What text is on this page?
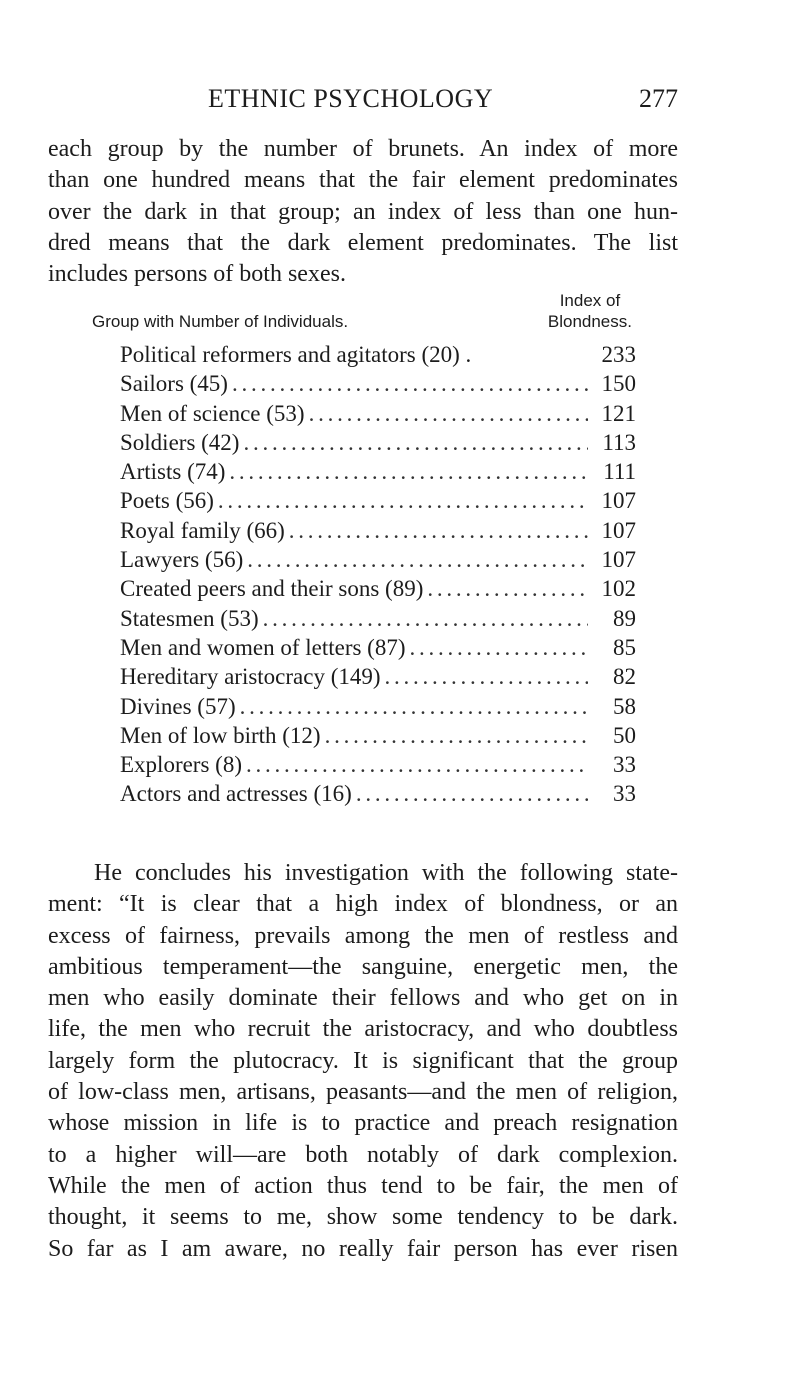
ETHNIC PSYCHOLOGY	277
each group by the number of brunets. An index of more
than one hundred means that the fair element predominates
over the dark in that group; an index of less than one hun-
dred means that the dark element predominates. The list
includes persons of both sexes.
Group with Number of Individuals.
Index of
Blondness.
Political reformers and agitators (20) .	233
Sailors (45) . . .	150
Men of science (53) . . .	121
Soldiers (42) . . .	113
Artists (74) . . .	111
Poets (56) . . .	107
Royal family (66) . . .	107
Lawyers (56) . . .	107
Created peers and their sons (89) . . .	102
Statesmen (53) . . .	89
Men and women of letters (87) . . .	85
Hereditary aristocracy (149) . . .	82
Divines (57) . . .	58
Men of low birth (12) . . .	50
Explorers (8) . . .	33
Actors and actresses (16) . . .	33
He concludes his investigation with the following state-
ment: “It is clear that a high index of blondness, or an
excess of fairness, prevails among the men of restless and
ambitious temperament—the sanguine, energetic men, the
men who easily dominate their fellows and who get on in
life, the men who recruit the aristocracy, and who doubtless
largely form the plutocracy. It is significant that the group
of low-class men, artisans, peasants—and the men of religion,
whose mission in life is to practice and preach resignation
to a higher will—are both notably of dark complexion.
While the men of action thus tend to be fair, the men of
thought, it seems to me, show some tendency to be dark.
So far as I am aware, no really fair person has ever risen
